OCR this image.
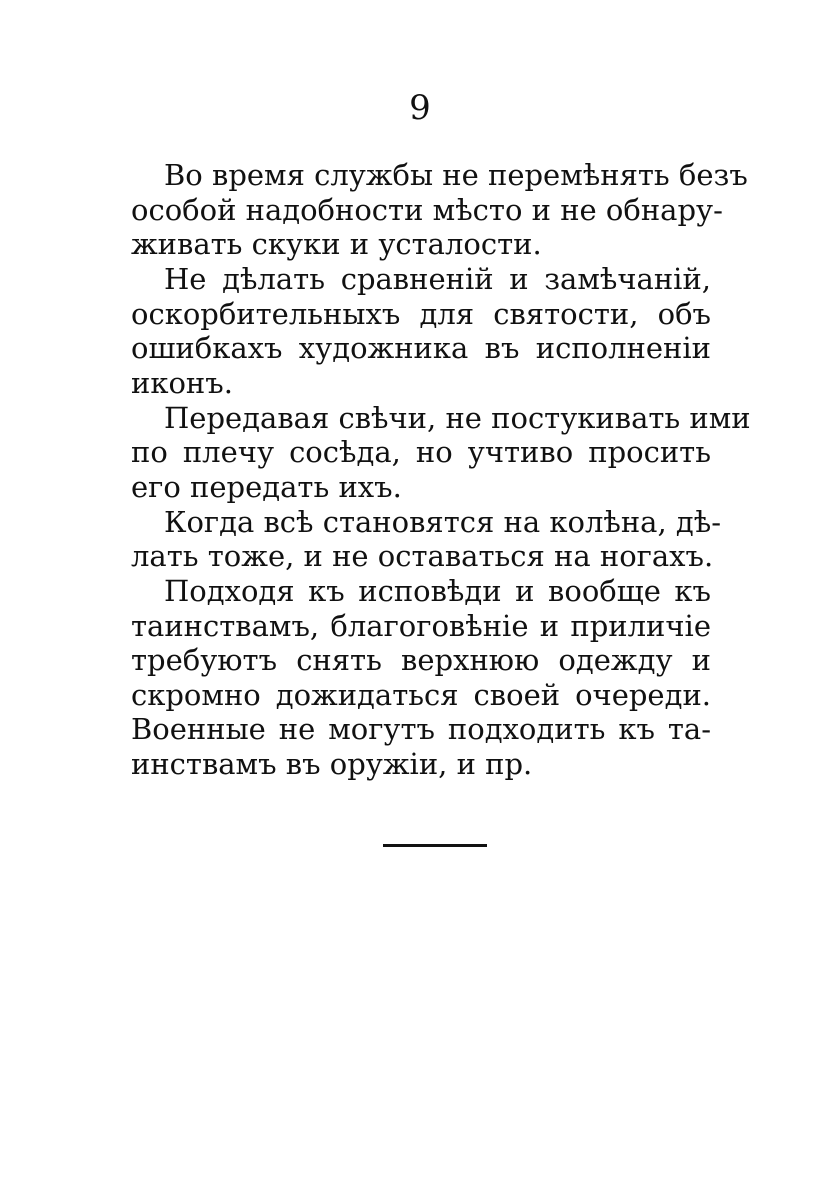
9
Во время службы не перемѣнять безъ
особой надобности мѣсто и не обнару-
живать скуки и усталости.
Не дѣлать сравненій и замѣчаній,
оскорбительныхъ для святости, объ
ошибкахъ художника въ исполненіи
иконъ.
Передавая свѣчи, не постукивать ими
по плечу сосѣда, но учтиво просить
его передать ихъ.
Когда всѣ становятся на колѣна, дѣ-
лать тоже, и не оставаться на ногахъ.
Подходя къ исповѣди и вообще къ
таинствамъ, благоговѣніе и приличіе
требуютъ снять верхнюю одежду и
скромно дожидаться своей очереди.
Военные не могутъ подходить къ та-
инствамъ въ оружіи, и пр.
